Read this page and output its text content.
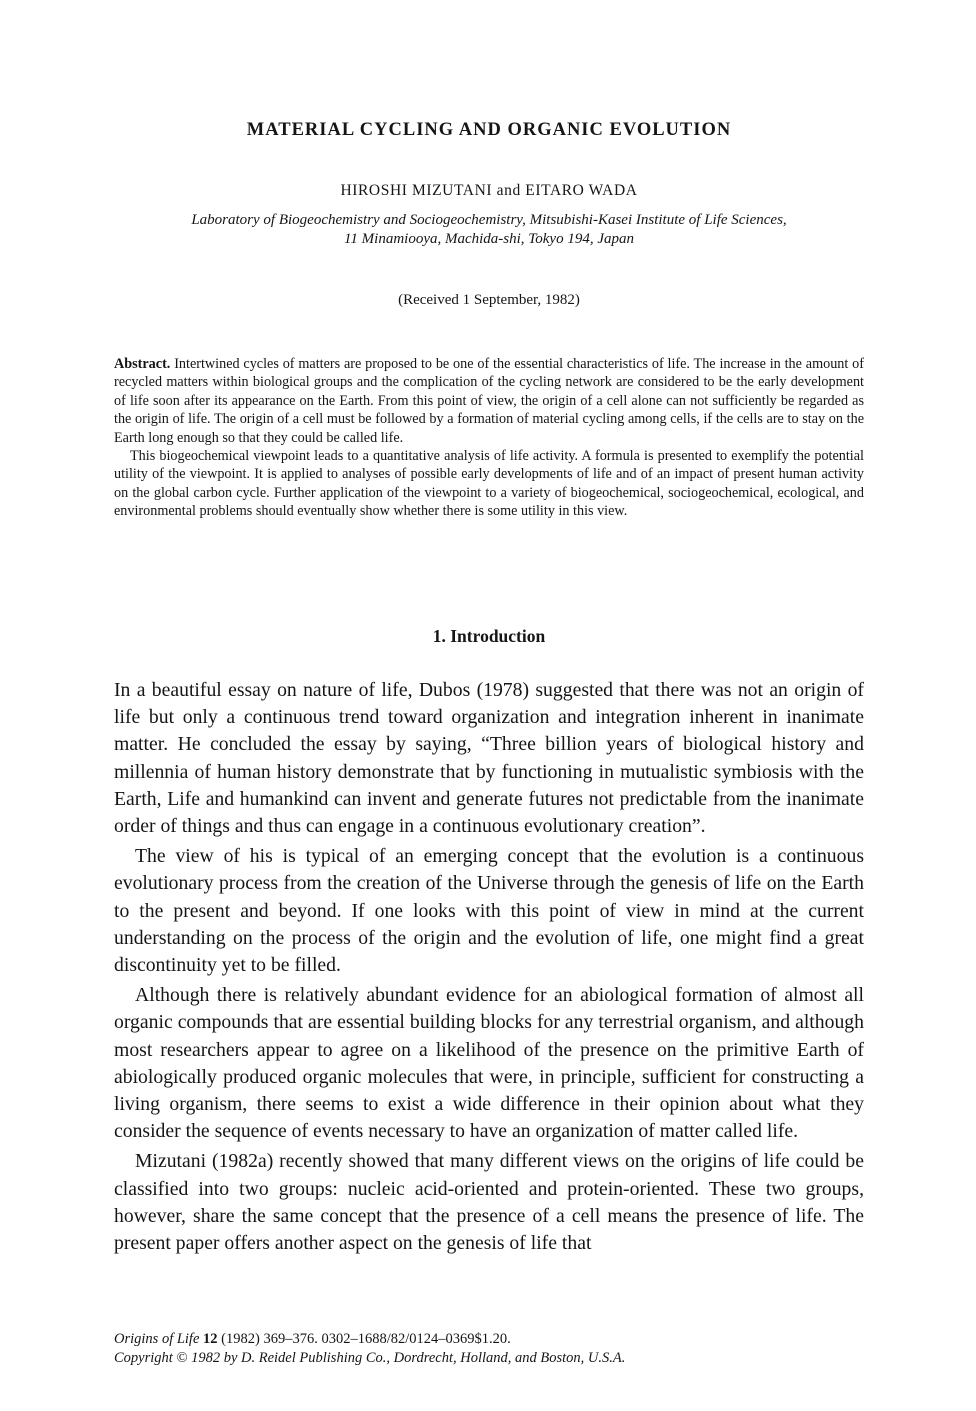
MATERIAL CYCLING AND ORGANIC EVOLUTION
HIROSHI MIZUTANI and EITARO WADA
Laboratory of Biogeochemistry and Sociogeochemistry, Mitsubishi-Kasei Institute of Life Sciences,
11 Minamiooya, Machida-shi, Tokyo 194, Japan
(Received 1 September, 1982)

Abstract. Intertwined cycles of matters are proposed to be one of the essential characteristics of life. The increase in the amount of recycled matters within biological groups and the complication of the cycling network are considered to be the early development of life soon after its appearance on the Earth. From this point of view, the origin of a cell alone can not sufficiently be regarded as the origin of life. The origin of a cell must be followed by a formation of material cycling among cells, if the cells are to stay on the Earth long enough so that they could be called life.

This biogeochemical viewpoint leads to a quantitative analysis of life activity. A formula is presented to exemplify the potential utility of the viewpoint. It is applied to analyses of possible early developments of life and of an impact of present human activity on the global carbon cycle. Further application of the viewpoint to a variety of biogeochemical, sociogeochemical, ecological, and environmental problems should eventually show whether there is some utility in this view.

1. Introduction

In a beautiful essay on nature of life, Dubos (1978) suggested that there was not an origin of life but only a continuous trend toward organization and integration inherent in inanimate matter. He concluded the essay by saying, “Three billion years of biological history and millennia of human history demonstrate that by functioning in mutualistic symbiosis with the Earth, Life and humankind can invent and generate futures not predictable from the inanimate order of things and thus can engage in a continuous evolutionary creation”.

The view of his is typical of an emerging concept that the evolution is a continuous evolutionary process from the creation of the Universe through the genesis of life on the Earth to the present and beyond. If one looks with this point of view in mind at the current understanding on the process of the origin and the evolution of life, one might find a great discontinuity yet to be filled.

Although there is relatively abundant evidence for an abiological formation of almost all organic compounds that are essential building blocks for any terrestrial organism, and although most researchers appear to agree on a likelihood of the presence on the primitive Earth of abiologically produced organic molecules that were, in principle, sufficient for constructing a living organism, there seems to exist a wide difference in their opinion about what they consider the sequence of events necessary to have an organization of matter called life.

Mizutani (1982a) recently showed that many different views on the origins of life could be classified into two groups: nucleic acid-oriented and protein-oriented. These two groups, however, share the same concept that the presence of a cell means the presence of life. The present paper offers another aspect on the genesis of life that

Origins of Life 12 (1982) 369–376. 0302–1688/82/0124–0369$1.20.
Copyright © 1982 by D. Reidel Publishing Co., Dordrecht, Holland, and Boston, U.S.A.
